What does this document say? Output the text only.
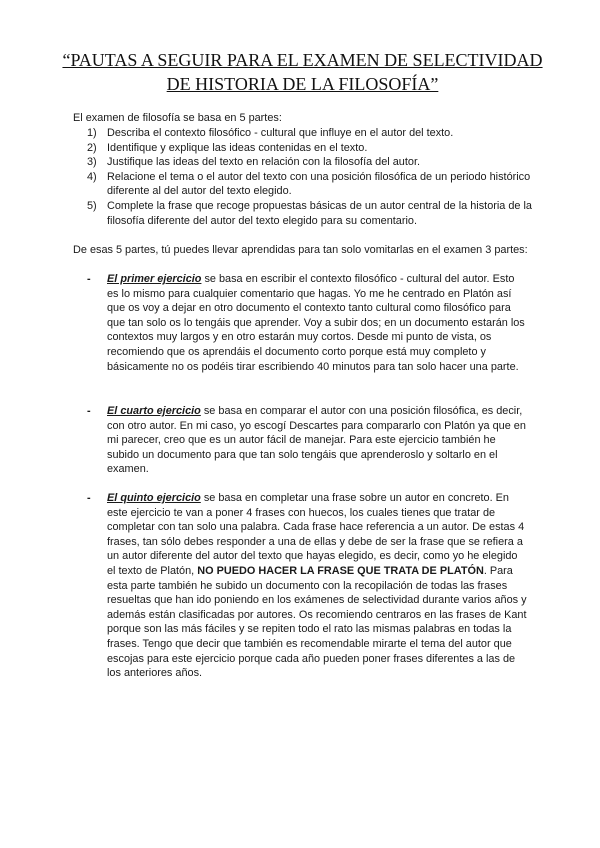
“PAUTAS A SEGUIR PARA EL EXAMEN DE SELECTIVIDAD DE HISTORIA DE LA FILOSOFÍA”
El examen de filosofía se basa en 5 partes:
1) Describa el contexto filosófico - cultural que influye en el autor del texto.
2) Identifique y explique las ideas contenidas en el texto.
3) Justifique las ideas del texto en relación con la filosofía del autor.
4) Relacione el tema o el autor del texto con una posición filosófica de un periodo histórico diferente al del autor del texto elegido.
5) Complete la frase que recoge propuestas básicas de un autor central de la historia de la filosofía diferente del autor del texto elegido para su comentario.
De esas 5 partes, tú puedes llevar aprendidas para tan solo vomitarlas en el examen 3 partes:
- El primer ejercicio se basa en escribir el contexto filosófico - cultural del autor. Esto es lo mismo para cualquier comentario que hagas. Yo me he centrado en Platón así que os voy a dejar en otro documento el contexto tanto cultural como filosófico para que tan solo os lo tengáis que aprender. Voy a subir dos; en un documento estarán los contextos muy largos y en otro estarán muy cortos. Desde mi punto de vista, os recomiendo que os aprendáis el documento corto porque está muy completo y básicamente no os podéis tirar escribiendo 40 minutos para tan solo hacer una parte.
- El cuarto ejercicio se basa en comparar el autor con una posición filosófica, es decir, con otro autor. En mi caso, yo escogí Descartes para compararlo con Platón ya que en mi parecer, creo que es un autor fácil de manejar. Para este ejercicio también he subido un documento para que tan solo tengáis que aprenderoslo y soltarlo en el examen.
- El quinto ejercicio se basa en completar una frase sobre un autor en concreto. En este ejercicio te van a poner 4 frases con huecos, los cuales tienes que tratar de completar con tan solo una palabra. Cada frase hace referencia a un autor. De estas 4 frases, tan sólo debes responder a una de ellas y debe de ser la frase que se refiera a un autor diferente del autor del texto que hayas elegido, es decir, como yo he elegido el texto de Platón, NO PUEDO HACER LA FRASE QUE TRATA DE PLATÓN. Para esta parte también he subido un documento con la recopilación de todas las frases resueltas que han ido poniendo en los exámenes de selectividad durante varios años y además están clasificadas por autores. Os recomiendo centraros en las frases de Kant porque son las más fáciles y se repiten todo el rato las mismas palabras en todas la frases. Tengo que decir que también es recomendable mirarte el tema del autor que escojas para este ejercicio porque cada año pueden poner frases diferentes a las de los anteriores años.
